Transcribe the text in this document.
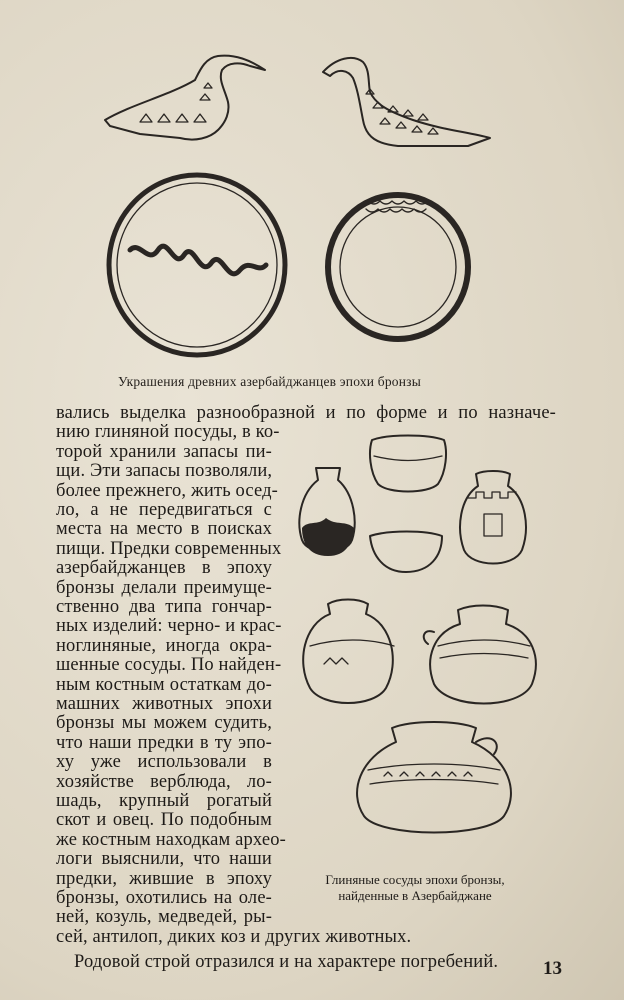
Украшения древних азербайджанцев эпохи бронзы
вались выделка разнообразной и по форме и по назначе-
нию глиняной посуды, в ко-
торой хранили запасы пи-
щи. Эти запасы позволяли,
более прежнего, жить осед-
ло, а не передвигаться с
места на место в поисках
пищи. Предки современных
азербайджанцев в эпоху
бронзы делали преимуще-
ственно два типа гончар-
ных изделий: черно- и крас-
ноглиняные, иногда окра-
шенные сосуды. По найден-
ным костным остаткам до-
машних животных эпохи
бронзы мы можем судить,
что наши предки в ту эпо-
ху уже использовали в
хозяйстве верблюда, ло-
шадь, крупный рогатый
скот и овец. По подобным
же костным находкам археo-
логи выяснили, что наши
предки, жившие в эпоху
бронзы, охотились на оле-
ней, козуль, медведей, ры-
сей, антилоп, диких коз и других животных.
Родовой строй отразился и на характере погребений.
Глиняные сосуды эпохи бронзы,
найденные в Азербайджане
13
